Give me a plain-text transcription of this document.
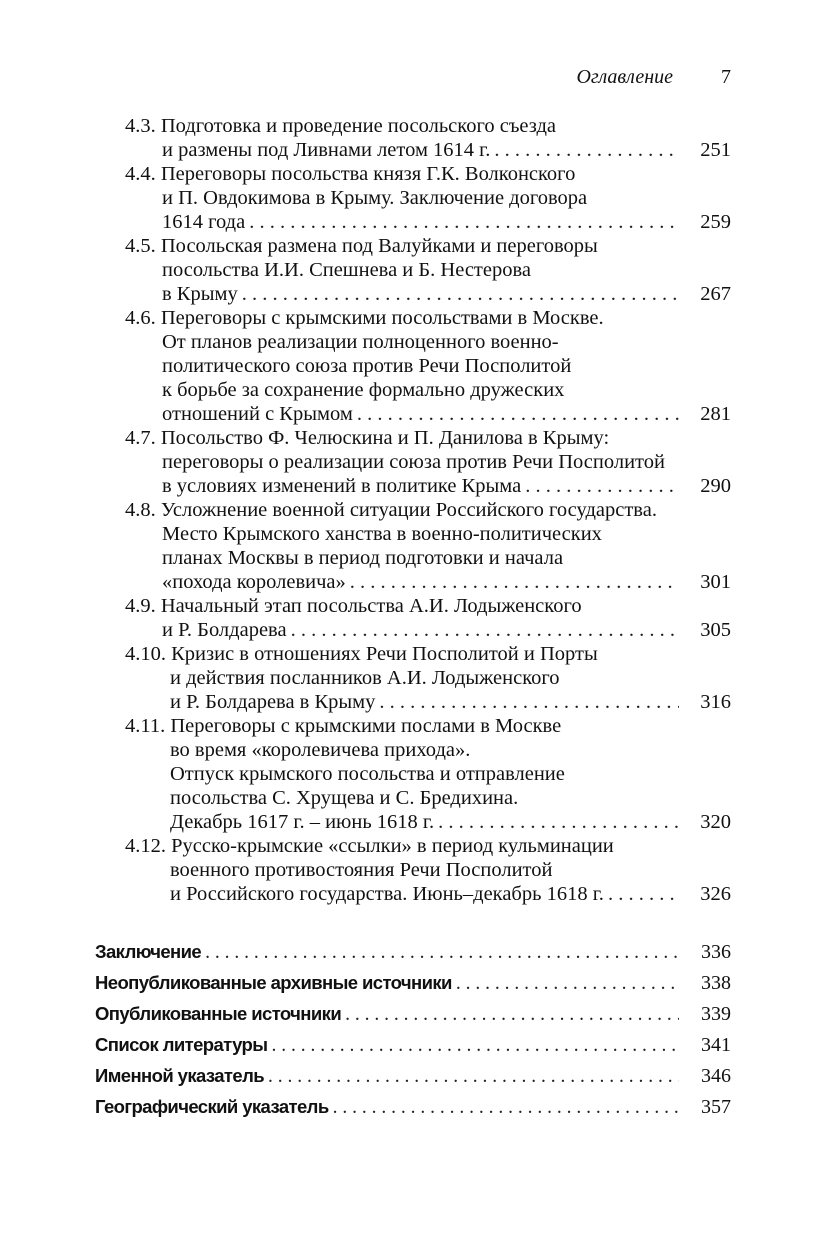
Оглавление 7
4.3. Подготовка и проведение посольского съезда
и размены под Ливнами летом 1614 г. . . .	251
4.4. Переговоры посольства князя Г.К. Волконского
и П. Овдокимова в Крыму. Заключение договора
1614 года . . .	259
4.5. Посольская размена под Валуйками и переговоры
посольства И.И. Спешнева и Б. Нестерова
в Крыму . . .	267
4.6. Переговоры с крымскими посольствами в Москве.
От планов реализации полноценного военно-
политического союза против Речи Посполитой
к борьбе за сохранение формально дружеских
отношений с Крымом . . .	281
4.7. Посольство Ф. Челюскина и П. Данилова в Крыму:
переговоры о реализации союза против Речи Посполитой
в условиях изменений в политике Крыма . . .	290
4.8. Усложнение военной ситуации Российского государства.
Место Крымского ханства в военно-политических
планах Москвы в период подготовки и начала
«похода королевича» . . .	301
4.9. Начальный этап посольства А.И. Лодыженского
и Р. Болдарева . . .	305
4.10. Кризис в отношениях Речи Посполитой и Порты
и действия посланников А.И. Лодыженского
и Р. Болдарева в Крыму . . .	316
4.11. Переговоры с крымскими послами в Москве
во время «королевичева прихода».
Отпуск крымского посольства и отправление
посольства С. Хрущева и С. Бредихина.
Декабрь 1617 г. – июнь 1618 г. . . .	320
4.12. Русско-крымские «ссылки» в период кульминации
военного противостояния Речи Посполитой
и Российского государства. Июнь–декабрь 1618 г. . . .	326
Заключение . . .	336
Неопубликованные архивные источники . . .	338
Опубликованные источники . . .	339
Список литературы . . .	341
Именной указатель . . .	346
Географический указатель . . .	357
